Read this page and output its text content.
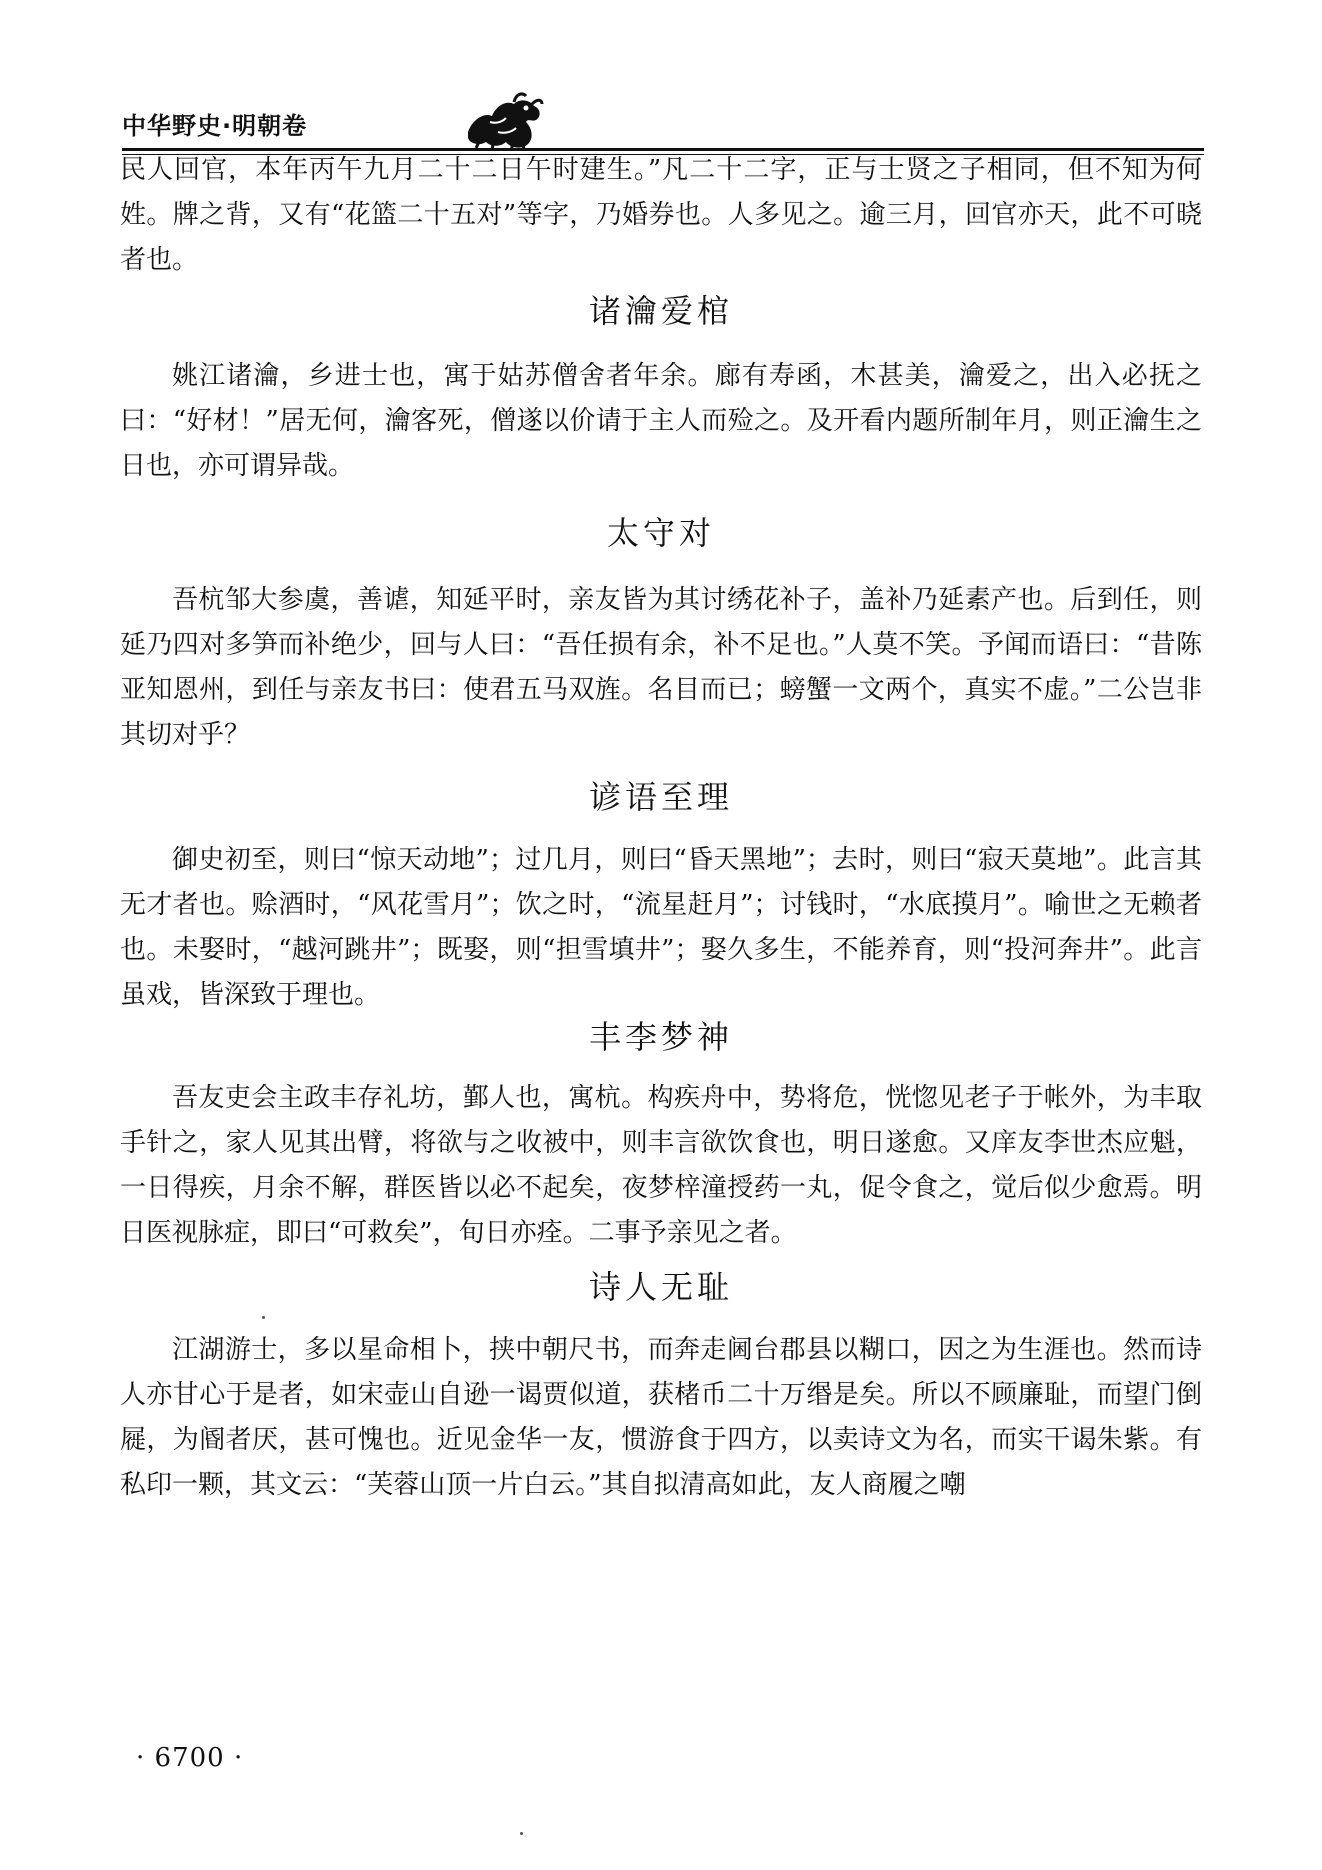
中华野史·明朝卷

民人回官，本年丙午九月二十二日午时建生。”凡二十二字，正与士贤之子相同，但不知为何姓。牌之背，又有“花篮二十五对”等字，乃婚券也。人多见之。逾三月，回官亦天，此不可晓者也。

诸瀹爱棺

姚江诸瀹，乡进士也，寓于姑苏僧舍者年余。廊有寿函，木甚美，瀹爱之，出入必抚之曰：“好材！”居无何，瀹客死，僧遂以价请于主人而殓之。及开看内题所制年月，则正瀹生之日也，亦可谓异哉。

太守对

吾杭邹大参虞，善谑，知延平时，亲友皆为其讨绣花补子，盖补乃延素产也。后到任，则延乃四对多笋而补绝少，回与人曰：“吾任损有余，补不足也。”人莫不笑。予闻而语曰：“昔陈亚知恩州，到任与亲友书曰：使君五马双旌。名目而已；螃蟹一文两个，真实不虚。”二公岂非其切对乎？

谚语至理

御史初至，则曰“惊天动地”；过几月，则曰“昏天黑地”；去时，则曰“寂天莫地”。此言其无才者也。赊酒时，“风花雪月”；饮之时，“流星赶月”；讨钱时，“水底摸月”。喻世之无赖者也。未娶时，“越河跳井”；既娶，则“担雪填井”；娶久多生，不能养育，则“投河奔井”。此言虽戏，皆深致于理也。

丰李梦神

吾友吏会主政丰存礼坊，鄞人也，寓杭。构疾舟中，势将危，恍惚见老子于帐外，为丰取手针之，家人见其出臂，将欲与之收被中，则丰言欲饮食也，明日遂愈。又庠友李世杰应魁，一日得疾，月余不解，群医皆以必不起矣，夜梦梓潼授药一丸，促令食之，觉后似少愈焉。明日医视脉症，即曰“可救矣”，旬日亦痊。二事予亲见之者。

诗人无耻

江湖游士，多以星命相卜，挟中朝尺书，而奔走阃台郡县以糊口，因之为生涯也。然而诗人亦甘心于是者，如宋壶山自逊一谒贾似道，获楮币二十万缗是矣。所以不顾廉耻，而望门倒屣，为阍者厌，甚可愧也。近见金华一友，惯游食于四方，以卖诗文为名，而实干谒朱紫。有私印一颗，其文云：“芙蓉山顶一片白云。”其自拟清高如此，友人商履之嘲

· 6700 ·
